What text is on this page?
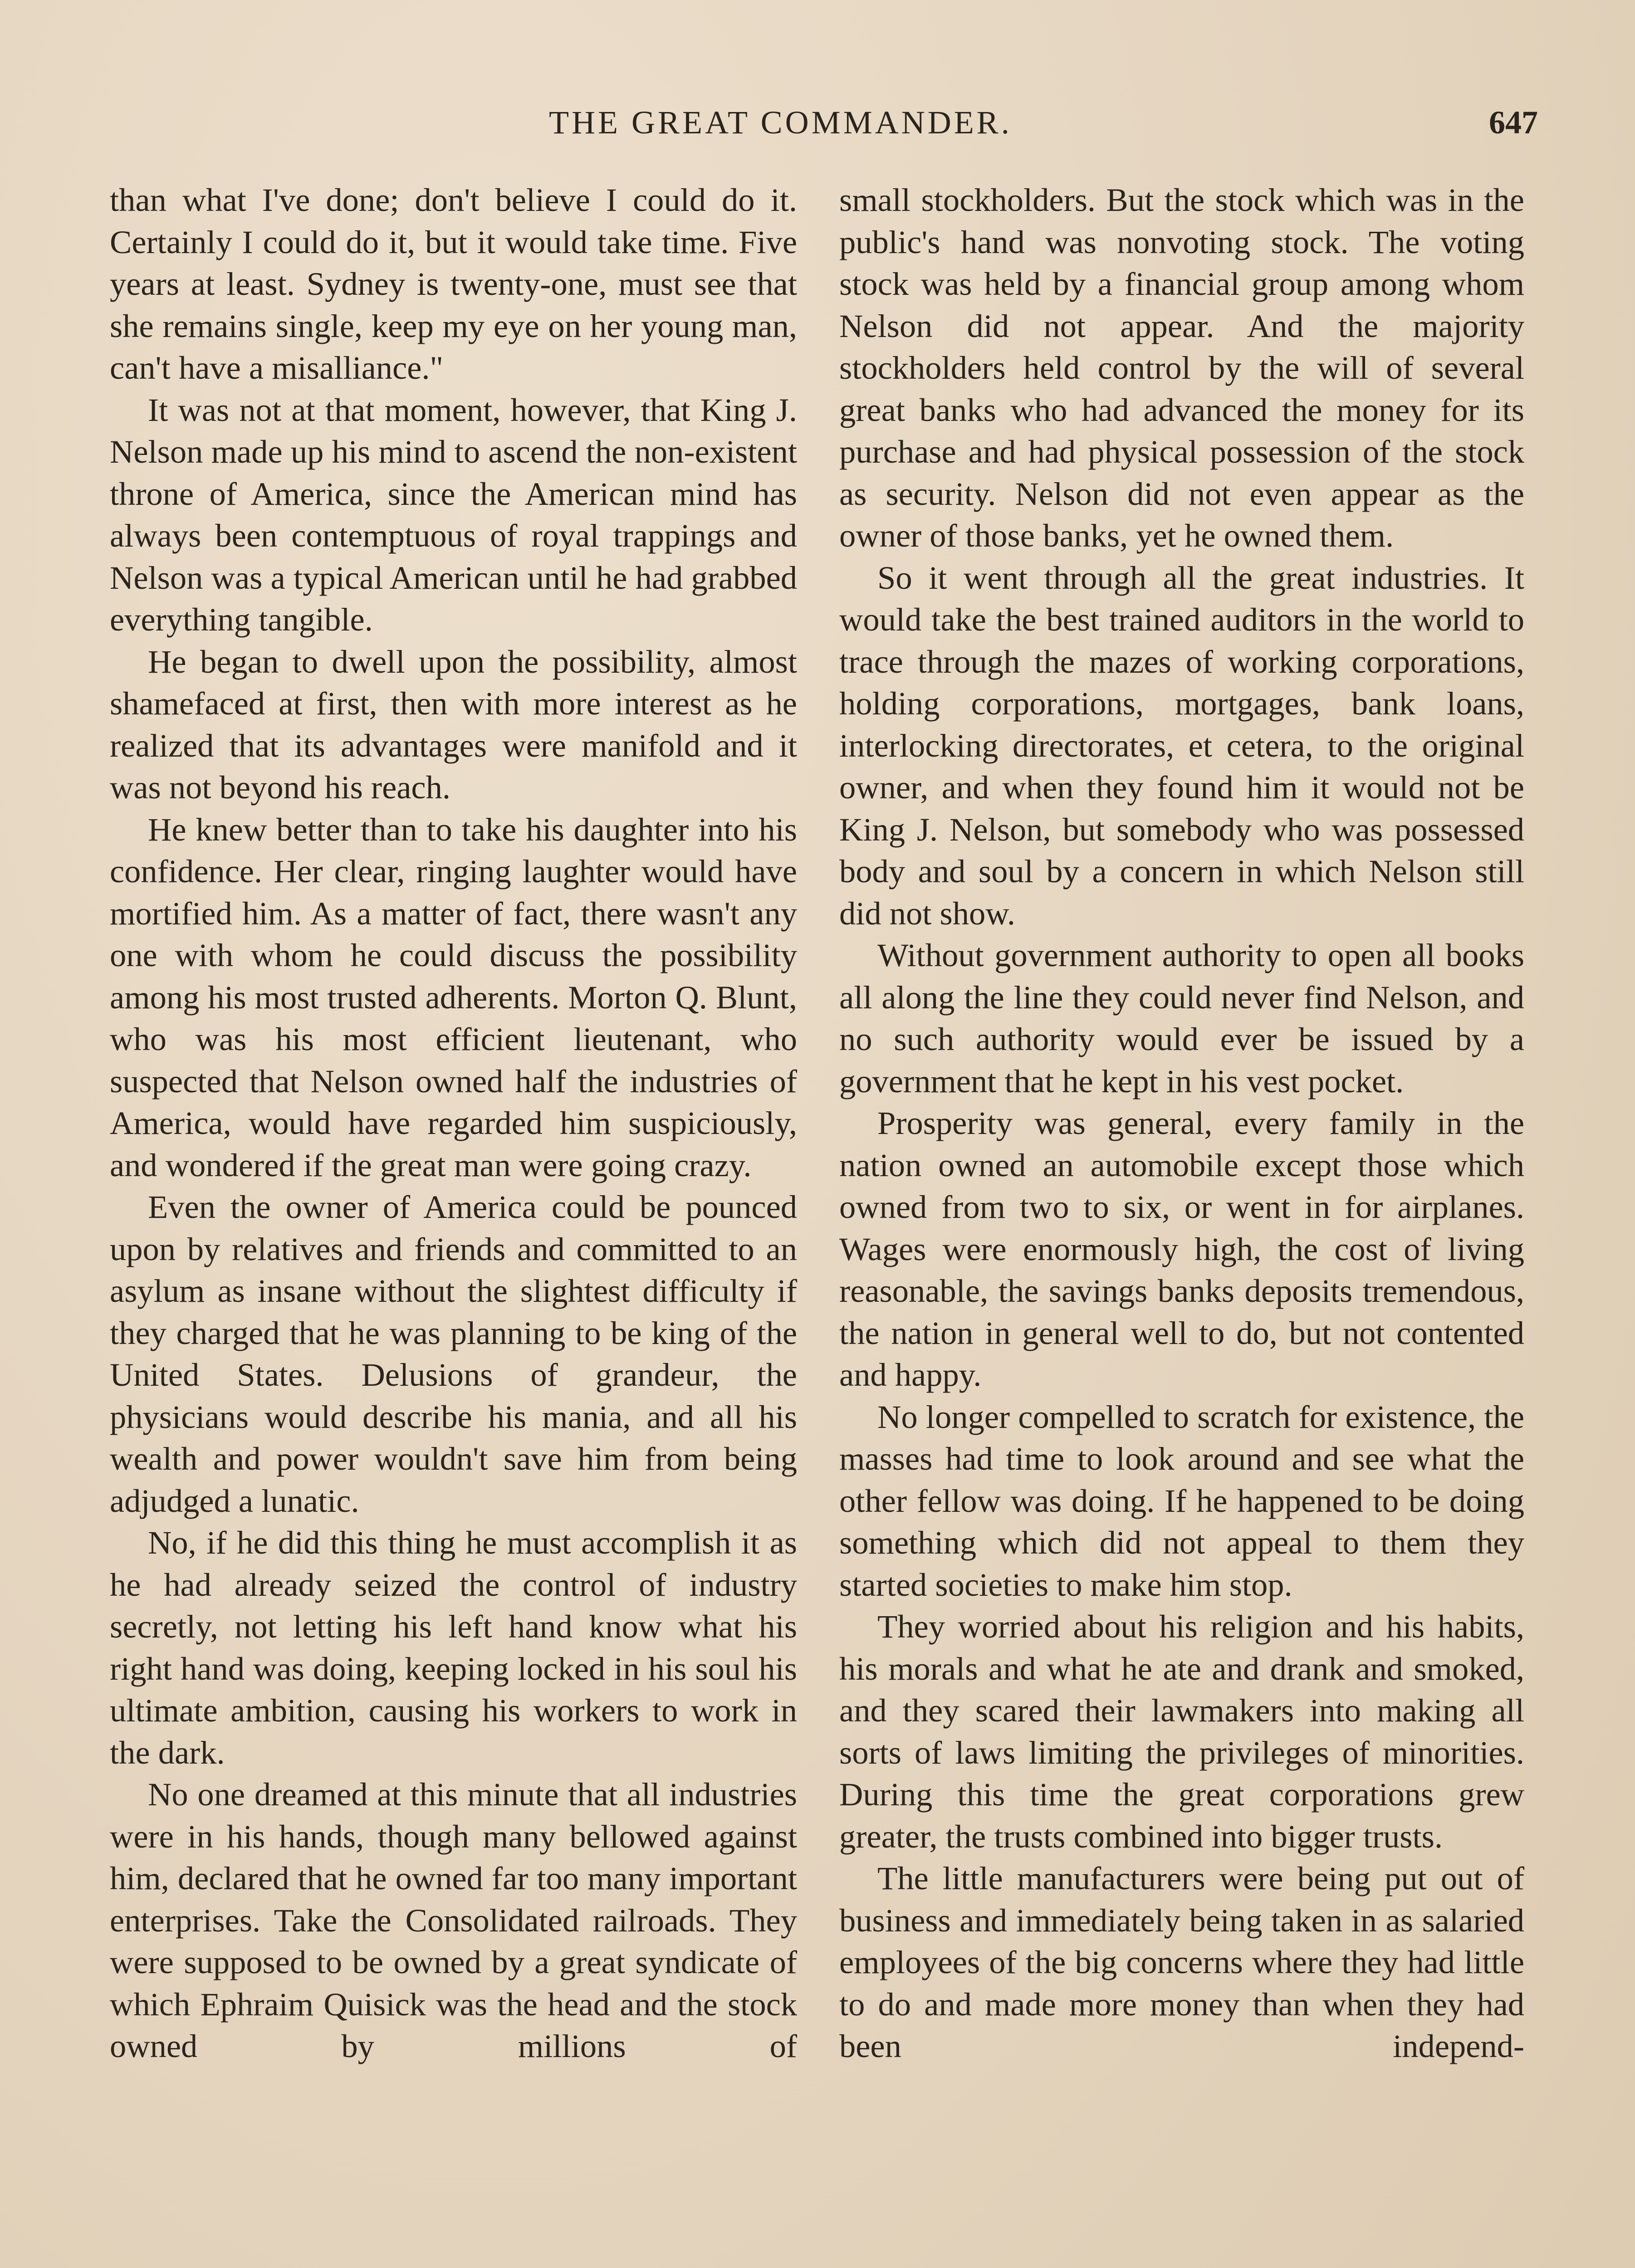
THE GREAT COMMANDER.	647

than what I've done; don't believe I could do it. Certainly I could do it, but it would take time. Five years at least. Sydney is twenty-one, must see that she remains single, keep my eye on her young man, can't have a misalliance."

It was not at that moment, however, that King J. Nelson made up his mind to ascend the non-existent throne of America, since the American mind has always been contemptuous of royal trappings and Nelson was a typical American until he had grabbed everything tangible.

He began to dwell upon the possibility, almost shamefaced at first, then with more interest as he realized that its advantages were manifold and it was not beyond his reach.

He knew better than to take his daughter into his confidence. Her clear, ringing laughter would have mortified him. As a matter of fact, there wasn't any one with whom he could discuss the possibility among his most trusted adherents. Morton Q. Blunt, who was his most efficient lieutenant, who suspected that Nelson owned half the industries of America, would have regarded him suspiciously, and wondered if the great man were going crazy.

Even the owner of America could be pounced upon by relatives and friends and committed to an asylum as insane without the slightest difficulty if they charged that he was planning to be king of the United States. Delusions of grandeur, the physicians would describe his mania, and all his wealth and power wouldn't save him from being adjudged a lunatic.

No, if he did this thing he must accomplish it as he had already seized the control of industry secretly, not letting his left hand know what his right hand was doing, keeping locked in his soul his ultimate ambition, causing his workers to work in the dark.

No one dreamed at this minute that all industries were in his hands, though many bellowed against him, declared that he owned far too many important enterprises. Take the Consolidated railroads. They were supposed to be owned by a great syndicate of which Ephraim Quisick was the head and the stock owned by millions of

small stockholders. But the stock which was in the public's hand was nonvoting stock. The voting stock was held by a financial group among whom Nelson did not appear. And the majority stockholders held control by the will of several great banks who had advanced the money for its purchase and had physical possession of the stock as security. Nelson did not even appear as the owner of those banks, yet he owned them.

So it went through all the great industries. It would take the best trained auditors in the world to trace through the mazes of working corporations, holding corporations, mortgages, bank loans, interlocking directorates, et cetera, to the original owner, and when they found him it would not be King J. Nelson, but somebody who was possessed body and soul by a concern in which Nelson still did not show.

Without government authority to open all books all along the line they could never find Nelson, and no such authority would ever be issued by a government that he kept in his vest pocket.

Prosperity was general, every family in the nation owned an automobile except those which owned from two to six, or went in for airplanes. Wages were enormously high, the cost of living reasonable, the savings banks deposits tremendous, the nation in general well to do, but not contented and happy.

No longer compelled to scratch for existence, the masses had time to look around and see what the other fellow was doing. If he happened to be doing something which did not appeal to them they started societies to make him stop.

They worried about his religion and his habits, his morals and what he ate and drank and smoked, and they scared their lawmakers into making all sorts of laws limiting the privileges of minorities. During this time the great corporations grew greater, the trusts combined into bigger trusts.

The little manufacturers were being put out of business and immediately being taken in as salaried employees of the big concerns where they had little to do and made more money than when they had been independ-
